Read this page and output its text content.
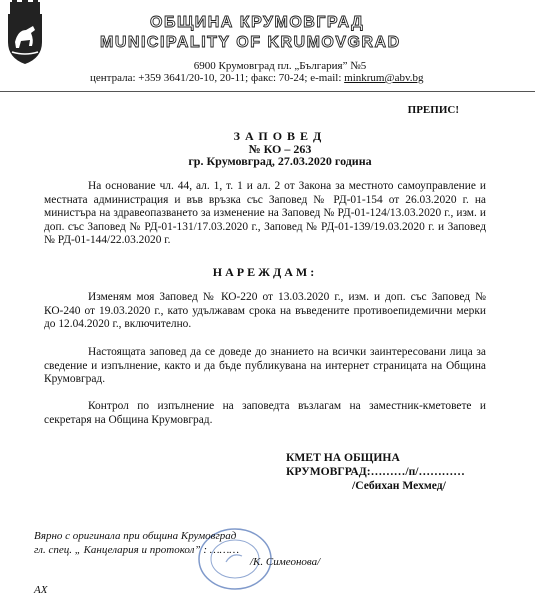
ОБЩИНА КРУМОВГРАД
MUNICIPALITY OF KRUMOVGRAD
6900 Крумовград пл. „България” №5
централа: +359 3641/20-10, 20-11; факс: 70-24; e-mail: minkrum@abv.bg
ПРЕПИС!
ЗАПОВЕД
№ КО – 263
гр. Крумовград, 27.03.2020 година

На основание чл. 44, ал. 1, т. 1 и ал. 2 от Закона за местното самоуправление и местната администрация и във връзка със Заповед № РД-01-154 от 26.03.2020 г. на министъра на здравеопазването за изменение на Заповед № РД-01-124/13.03.2020 г., изм. и доп. със Заповед № РД-01-131/17.03.2020 г., Заповед № РД-01-139/19.03.2020 г. и Заповед № РД-01-144/22.03.2020 г.

НАРЕЖДАМ:

Изменям моя Заповед № КО-220 от 13.03.2020 г., изм. и доп. със Заповед № КО-240 от 19.03.2020 г., като удължавам срока на въведените противоепидемични мерки до 12.04.2020 г., включително.

Настоящата заповед да се доведе до знанието на всички заинтересовани лица за сведение и изпълнение, както и да бъде публикувана на интернет страницата на Община Крумовград.

Контрол по изпълнение на заповедта възлагам на заместник-кметовете и секретаря на Община Крумовград.

КМЕТ НА ОБЩИНА
КРУМОВГРАД:………/п/…………
/Себихан Мехмед/
Вярно с оригинала при община Крумовград
гл. спец. „ Канцелария и протокол” : ………
/К. Симеонова/
АХ
